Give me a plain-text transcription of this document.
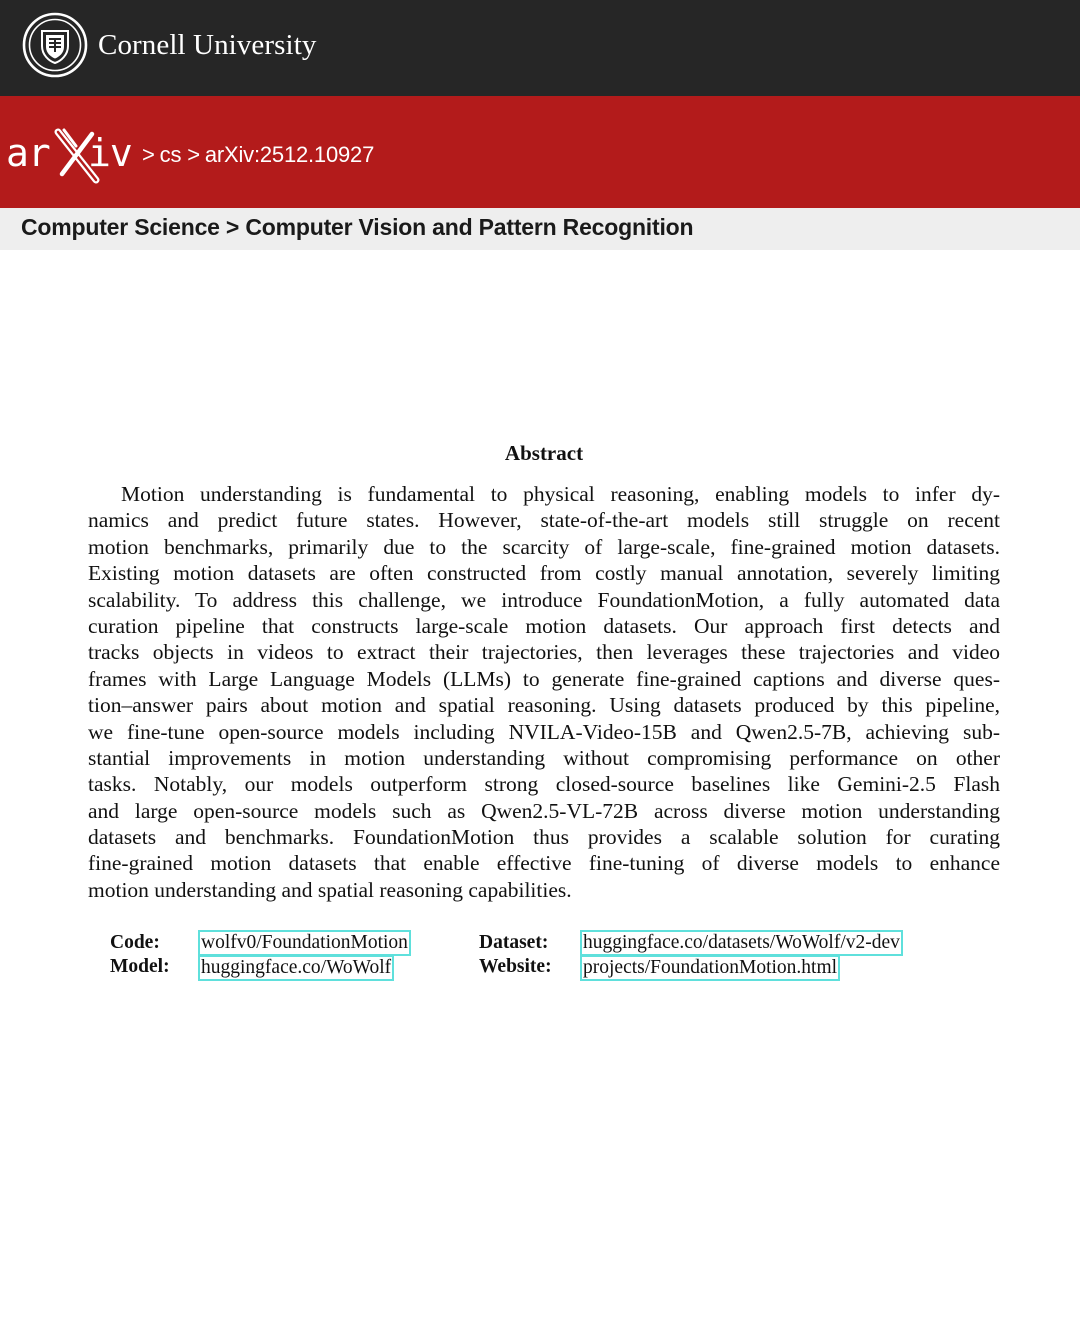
Cornell University
ar iv > cs > arXiv:2512.10927
Computer Science > Computer Vision and Pattern Recognition
Abstract
Motion understanding is fundamental to physical reasoning, enabling models to infer dy-
namics and predict future states. However, state-of-the-art models still struggle on recent
motion benchmarks, primarily due to the scarcity of large-scale, fine-grained motion datasets.
Existing motion datasets are often constructed from costly manual annotation, severely limiting
scalability. To address this challenge, we introduce FoundationMotion, a fully automated data
curation pipeline that constructs large-scale motion datasets. Our approach first detects and
tracks objects in videos to extract their trajectories, then leverages these trajectories and video
frames with Large Language Models (LLMs) to generate fine-grained captions and diverse ques-
tion–answer pairs about motion and spatial reasoning. Using datasets produced by this pipeline,
we fine-tune open-source models including NVILA-Video-15B and Qwen2.5-7B, achieving sub-
stantial improvements in motion understanding without compromising performance on other
tasks. Notably, our models outperform strong closed-source baselines like Gemini-2.5 Flash
and large open-source models such as Qwen2.5-VL-72B across diverse motion understanding
datasets and benchmarks. FoundationMotion thus provides a scalable solution for curating
fine-grained motion datasets that enable effective fine-tuning of diverse models to enhance
motion understanding and spatial reasoning capabilities.
Code: wolfv0/FoundationMotion
Model: huggingface.co/WoWolf
Dataset: huggingface.co/datasets/WoWolf/v2-dev
Website: projects/FoundationMotion.html
